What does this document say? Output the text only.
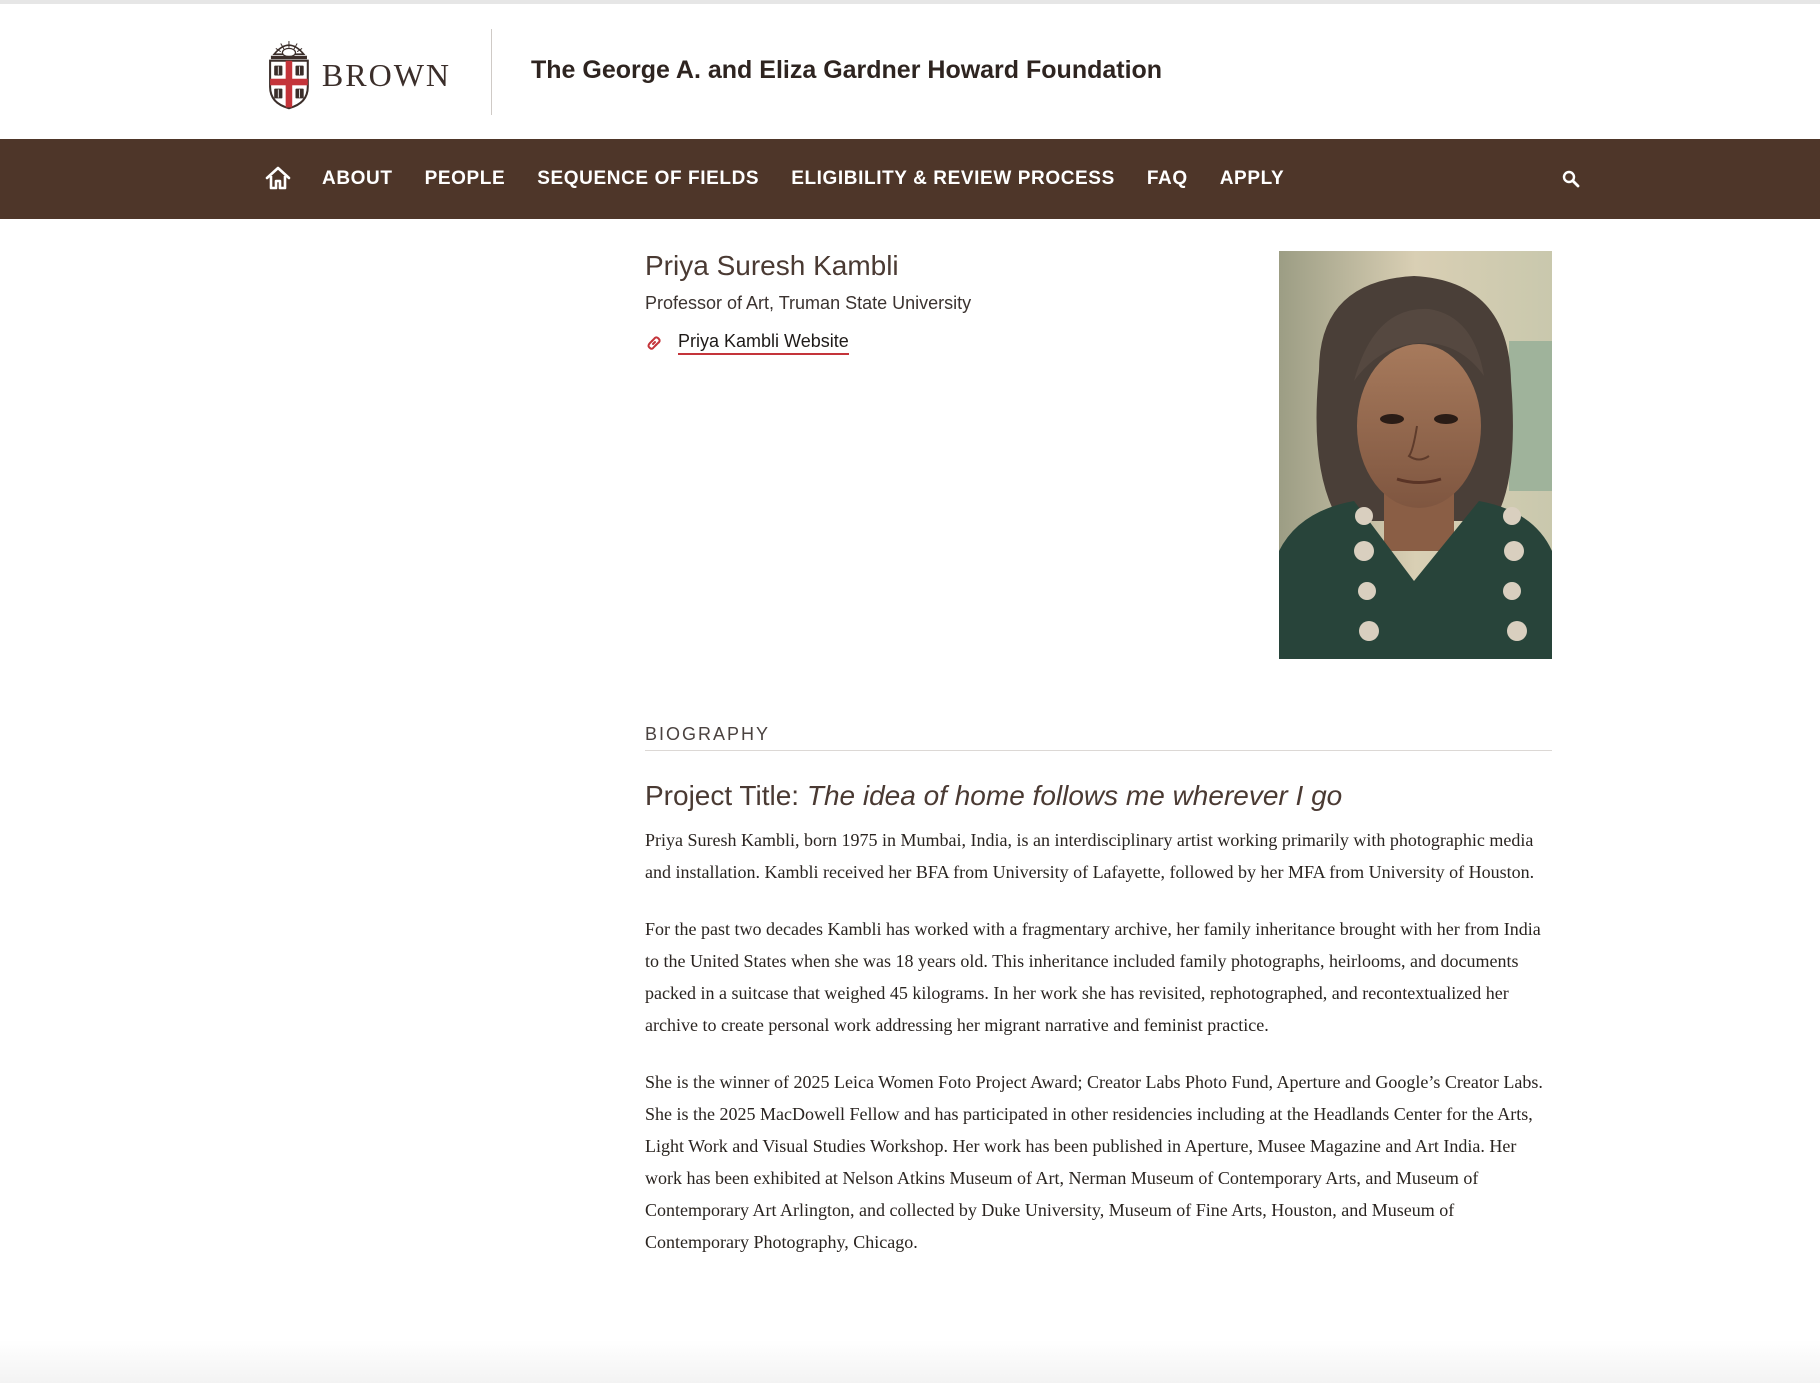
BROWN	The George A. and Eliza Gardner Howard Foundation
ABOUT PEOPLE SEQUENCE OF FIELDS ELIGIBILITY & REVIEW PROCESS FAQ APPLY
Priya Suresh Kambli
Professor of Art, Truman State University
Priya Kambli Website
BIOGRAPHY
Project Title: The idea of home follows me wherever I go

Priya Suresh Kambli, born 1975 in Mumbai, India, is an interdisciplinary artist working primarily with photographic media and installation. Kambli received her BFA from University of Lafayette, followed by her MFA from University of Houston.

For the past two decades Kambli has worked with a fragmentary archive, her family inheritance brought with her from India to the United States when she was 18 years old. This inheritance included family photographs, heirlooms, and documents packed in a suitcase that weighed 45 kilograms. In her work she has revisited, rephotographed, and recontextualized her archive to create personal work addressing her migrant narrative and feminist practice.

She is the winner of 2025 Leica Women Foto Project Award; Creator Labs Photo Fund, Aperture and Google’s Creator Labs. She is the 2025 MacDowell Fellow and has participated in other residencies including at the Headlands Center for the Arts, Light Work and Visual Studies Workshop. Her work has been published in Aperture, Musee Magazine and Art India. Her work has been exhibited at Nelson Atkins Museum of Art, Nerman Museum of Contemporary Arts, and Museum of Contemporary Art Arlington, and collected by Duke University, Museum of Fine Arts, Houston, and Museum of Contemporary Photography, Chicago.
